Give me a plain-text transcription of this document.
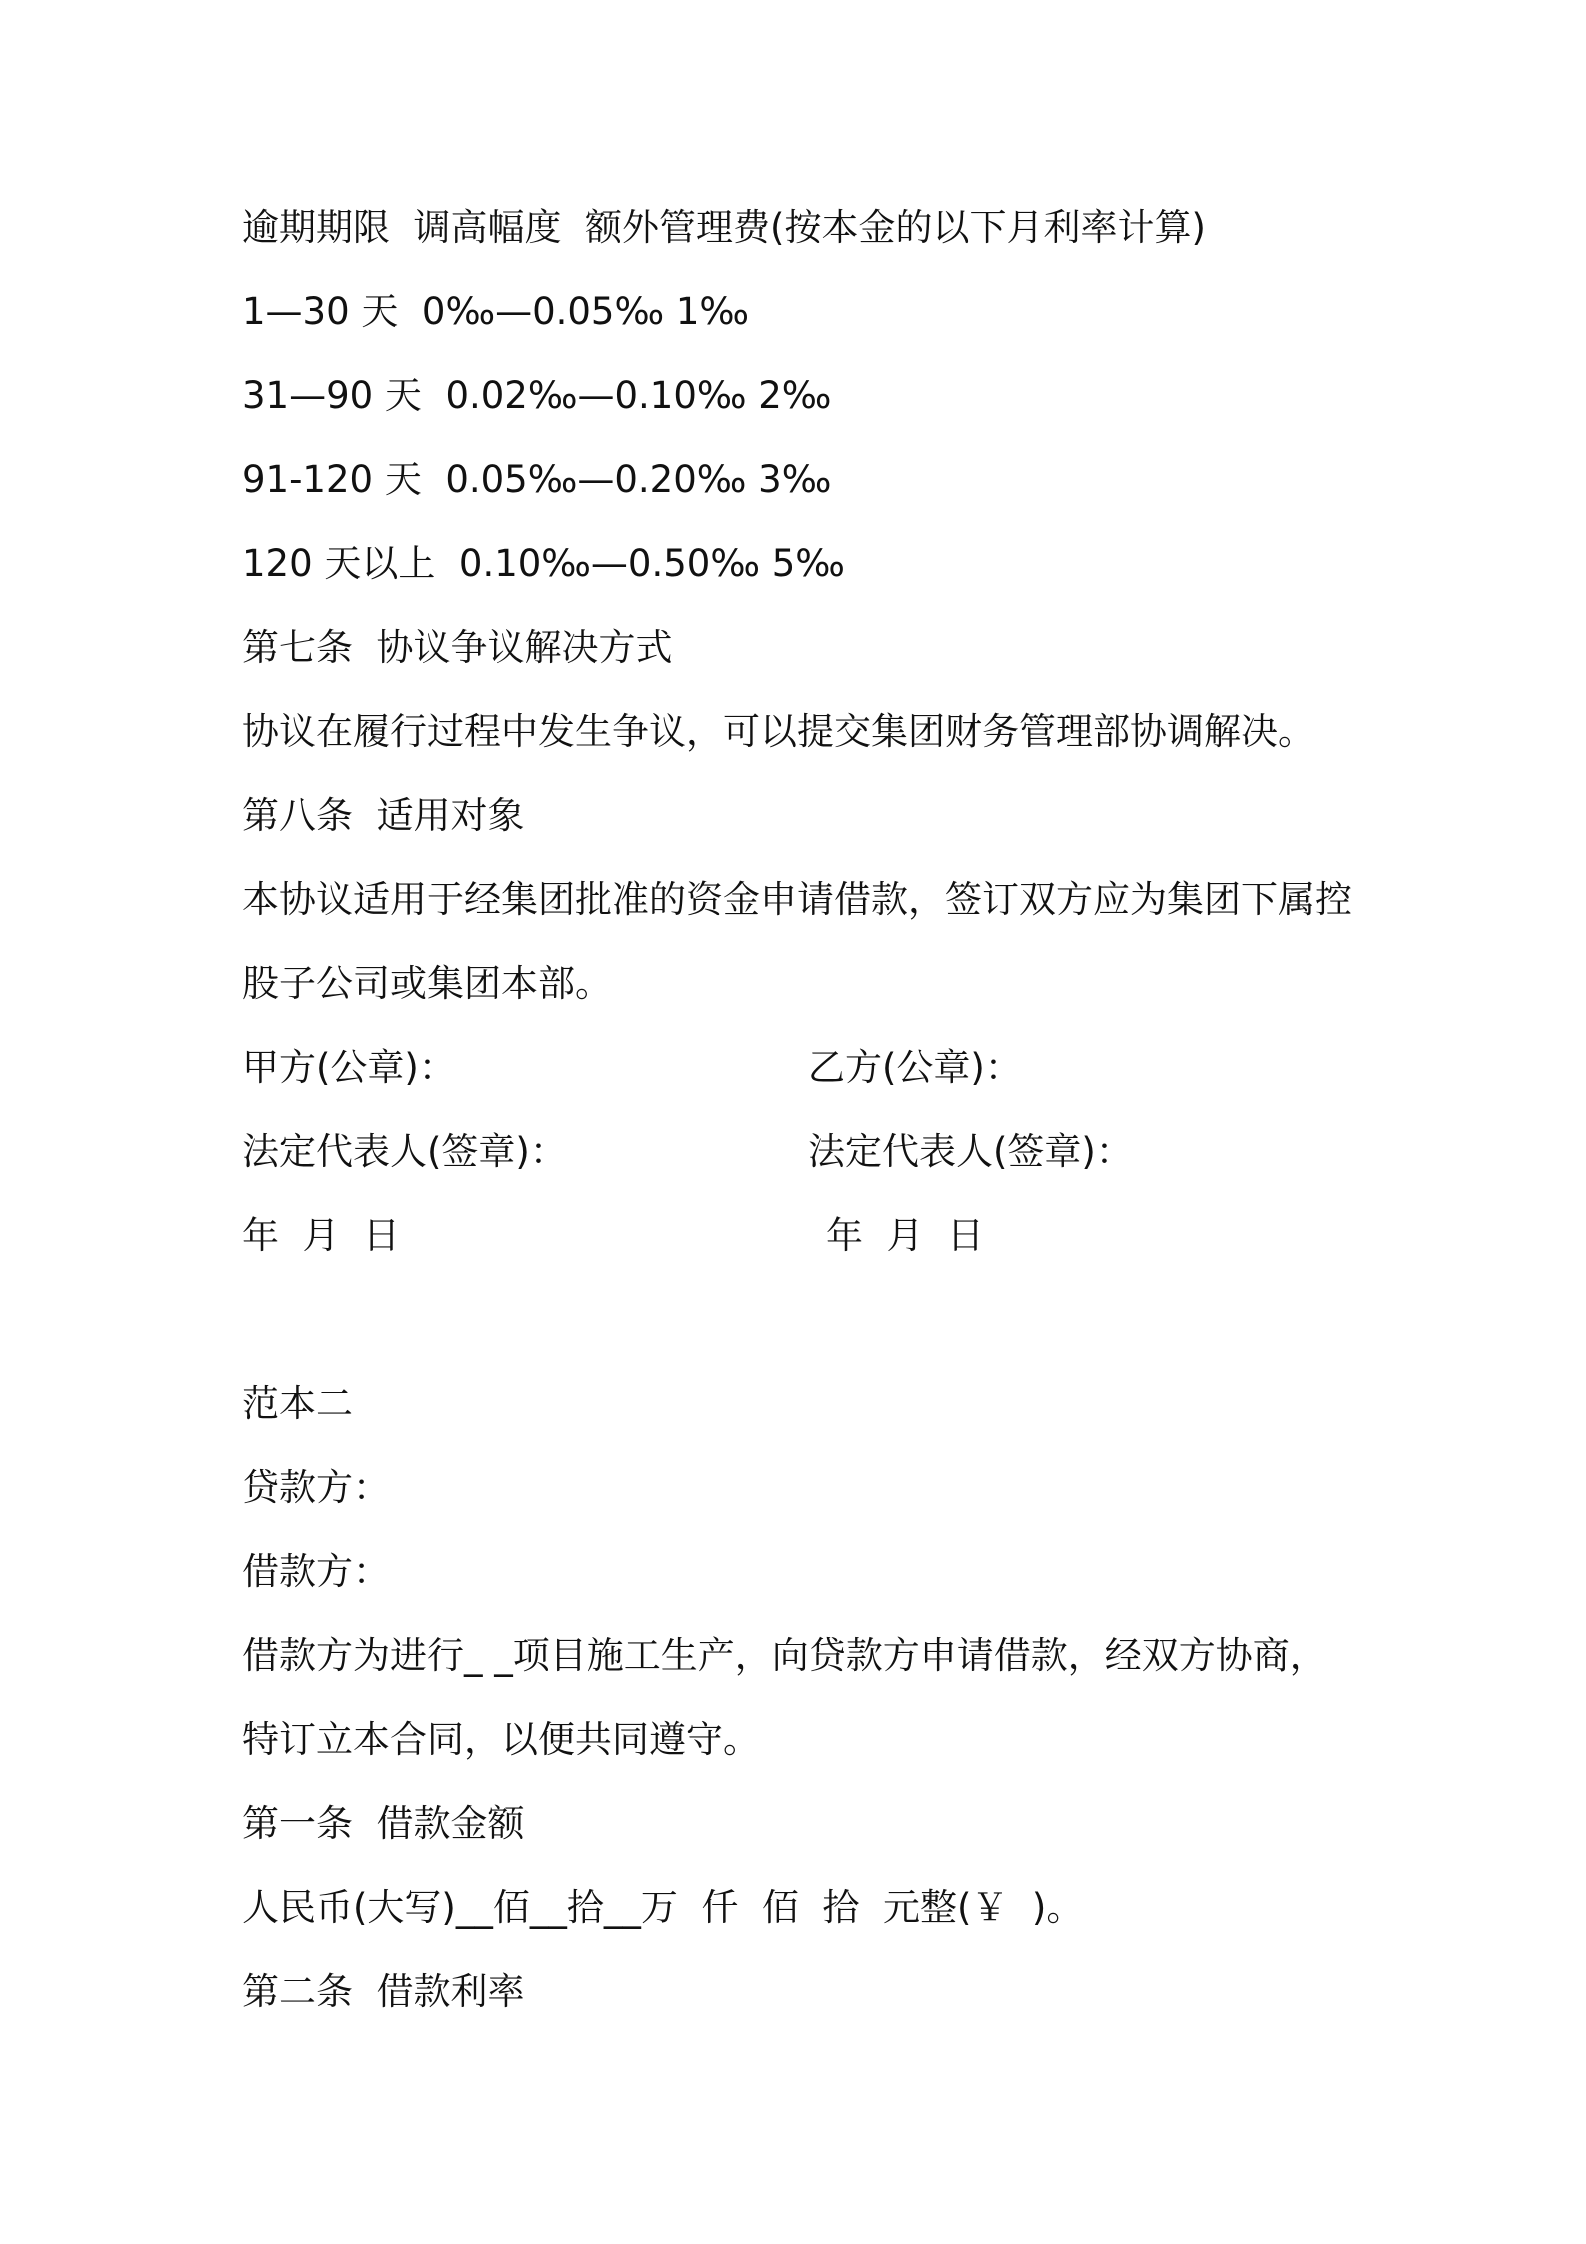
逾期期限  调高幅度  额外管理费(按本金的以下月利率计算)
1—30 天  0‰—0.05‰ 1‰
31—90 天  0.02‰—0.10‰ 2‰
91-120 天  0.05‰—0.20‰ 3‰
120 天以上  0.10‰—0.50‰ 5‰
第七条  协议争议解决方式
协议在履行过程中发生争议，可以提交集团财务管理部协调解决。
第八条  适用对象
本协议适用于经集团批准的资金申请借款，签订双方应为集团下属控
股子公司或集团本部。
甲方(公章)：	乙方(公章)：
法定代表人(签章)：	法定代表人(签章)：
年  月  日	年  月  日
范本二
贷款方：
借款方：
借款方为进行_ _项目施工生产，向贷款方申请借款，经双方协商，
特订立本合同，以便共同遵守。
第一条  借款金额
人民币(大写)__佰__拾__万  仟  佰  拾  元整(￥  )。
第二条  借款利率
